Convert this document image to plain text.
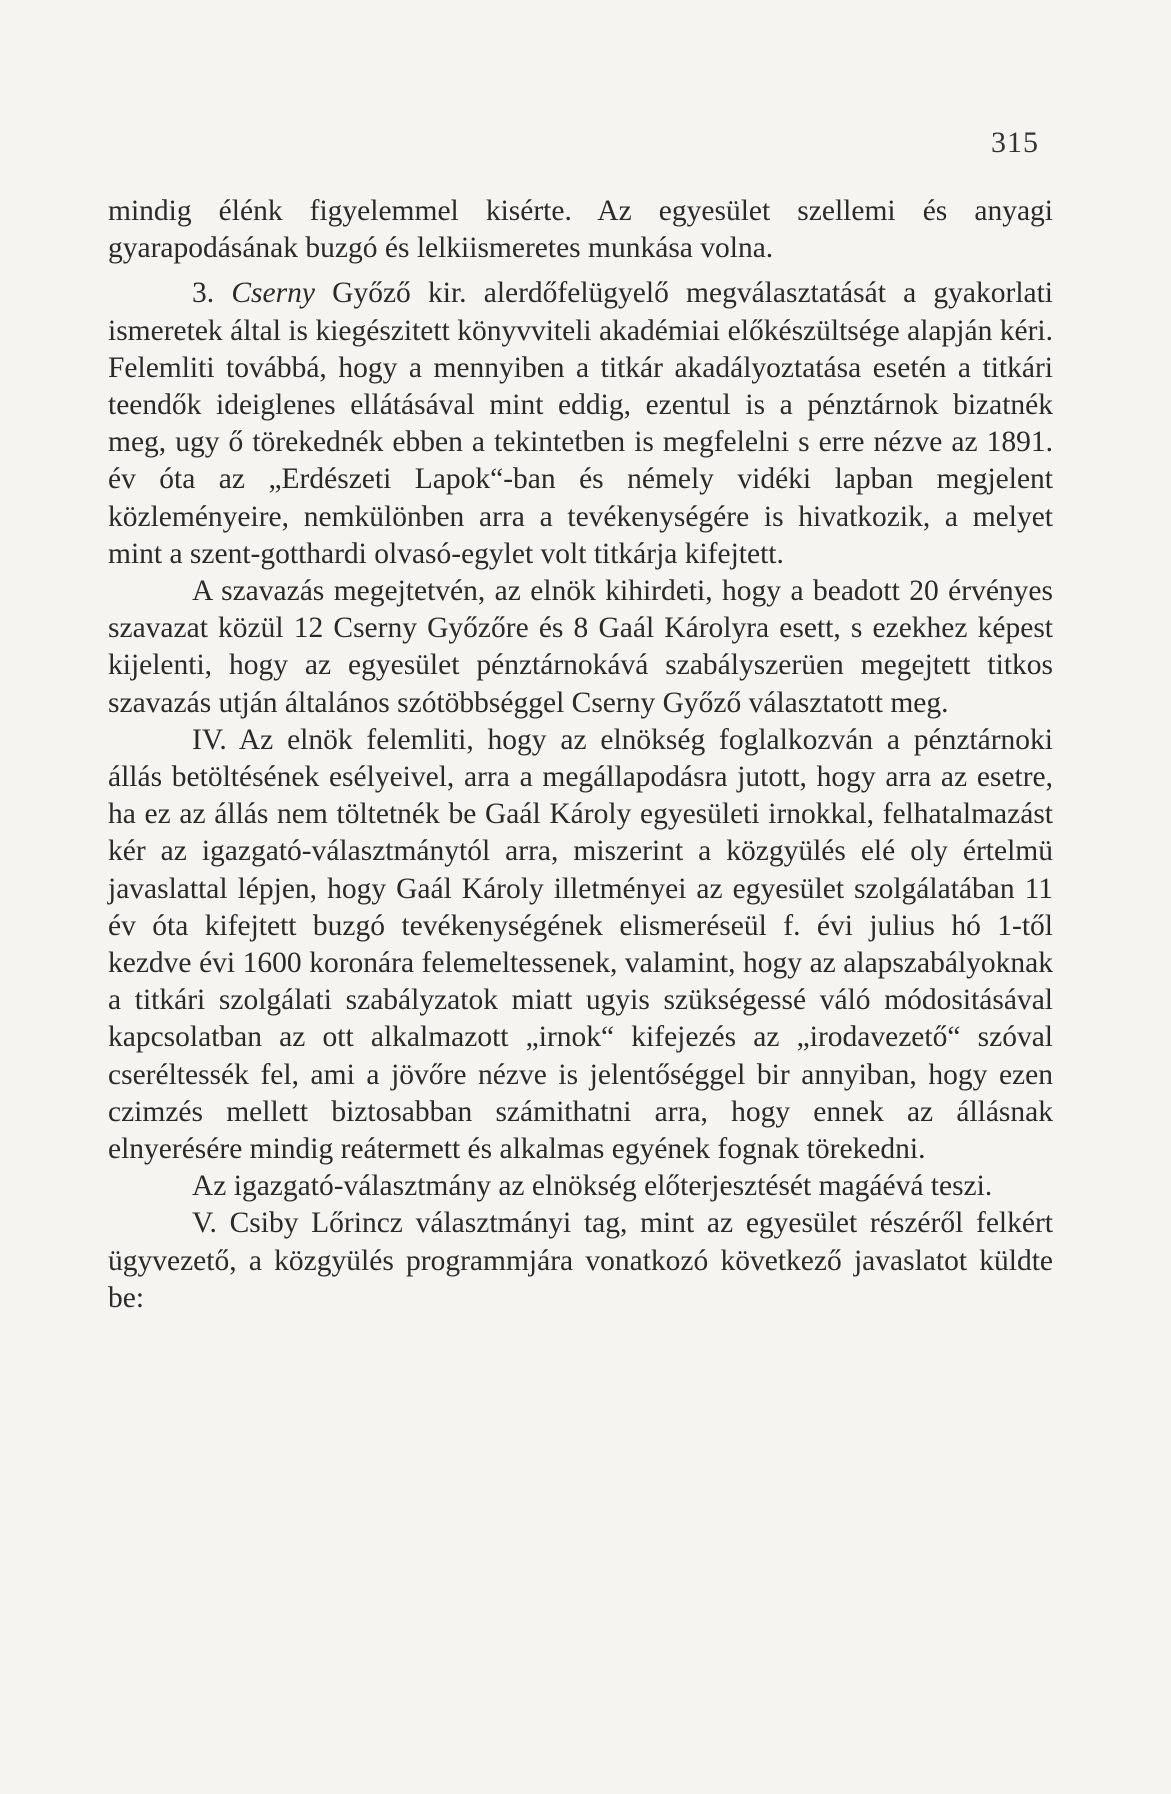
315

mindig élénk figyelemmel kisérte. Az egyesület szellemi és anyagi gyarapodásának buzgó és lelkiismeretes munkása volna.

3. Cserny Győző kir. alerdőfelügyelő megválasztatását a gyakorlati ismeretek által is kiegészitett könyvviteli akadémiai előkészültsége alapján kéri. Felemliti továbbá, hogy a mennyiben a titkár akadályoztatása esetén a titkári teendők ideiglenes ellátásával mint eddig, ezentul is a pénztárnok bizatnék meg, ugy ő törekednék ebben a tekintetben is megfelelni s erre nézve az 1891. év óta az „Erdészeti Lapok“-ban és némely vidéki lapban megjelent közleményeire, nemkülönben arra a tevékenységére is hivatkozik, a melyet mint a szent-gotthardi olvasó-egylet volt titkárja kifejtett.

A szavazás megejtetvén, az elnök kihirdeti, hogy a beadott 20 érvényes szavazat közül 12 Cserny Győzőre és 8 Gaál Károlyra esett, s ezekhez képest kijelenti, hogy az egyesület pénztárnokává szabályszerüen megejtett titkos szavazás utján általános szótöbbséggel Cserny Győző választatott meg.

IV. Az elnök felemliti, hogy az elnökség foglalkozván a pénztárnoki állás betöltésének esélyeivel, arra a megállapodásra jutott, hogy arra az esetre, ha ez az állás nem töltetnék be Gaál Károly egyesületi irnokkal, felhatalmazást kér az igazgató-választmánytól arra, miszerint a közgyülés elé oly értelmü javaslattal lépjen, hogy Gaál Károly illetményei az egyesület szolgálatában 11 év óta kifejtett buzgó tevékenységének elismeréseül f. évi julius hó 1-től kezdve évi 1600 koronára felemeltessenek, valamint, hogy az alapszabályoknak a titkári szolgálati szabályzatok miatt ugyis szükségessé váló módositásával kapcsolatban az ott alkalmazott „irnok“ kifejezés az „irodavezető“ szóval cseréltessék fel, ami a jövőre nézve is jelentőséggel bir annyiban, hogy ezen czimzés mellett biztosabban számithatni arra, hogy ennek az állásnak elnyerésére mindig reátermett és alkalmas egyének fognak törekedni.

Az igazgató-választmány az elnökség előterjesztését magáévá teszi.

V. Csiby Lőrincz választmányi tag, mint az egyesület részéről felkért ügyvezető, a közgyülés programmjára vonatkozó következő javaslatot küldte be:
